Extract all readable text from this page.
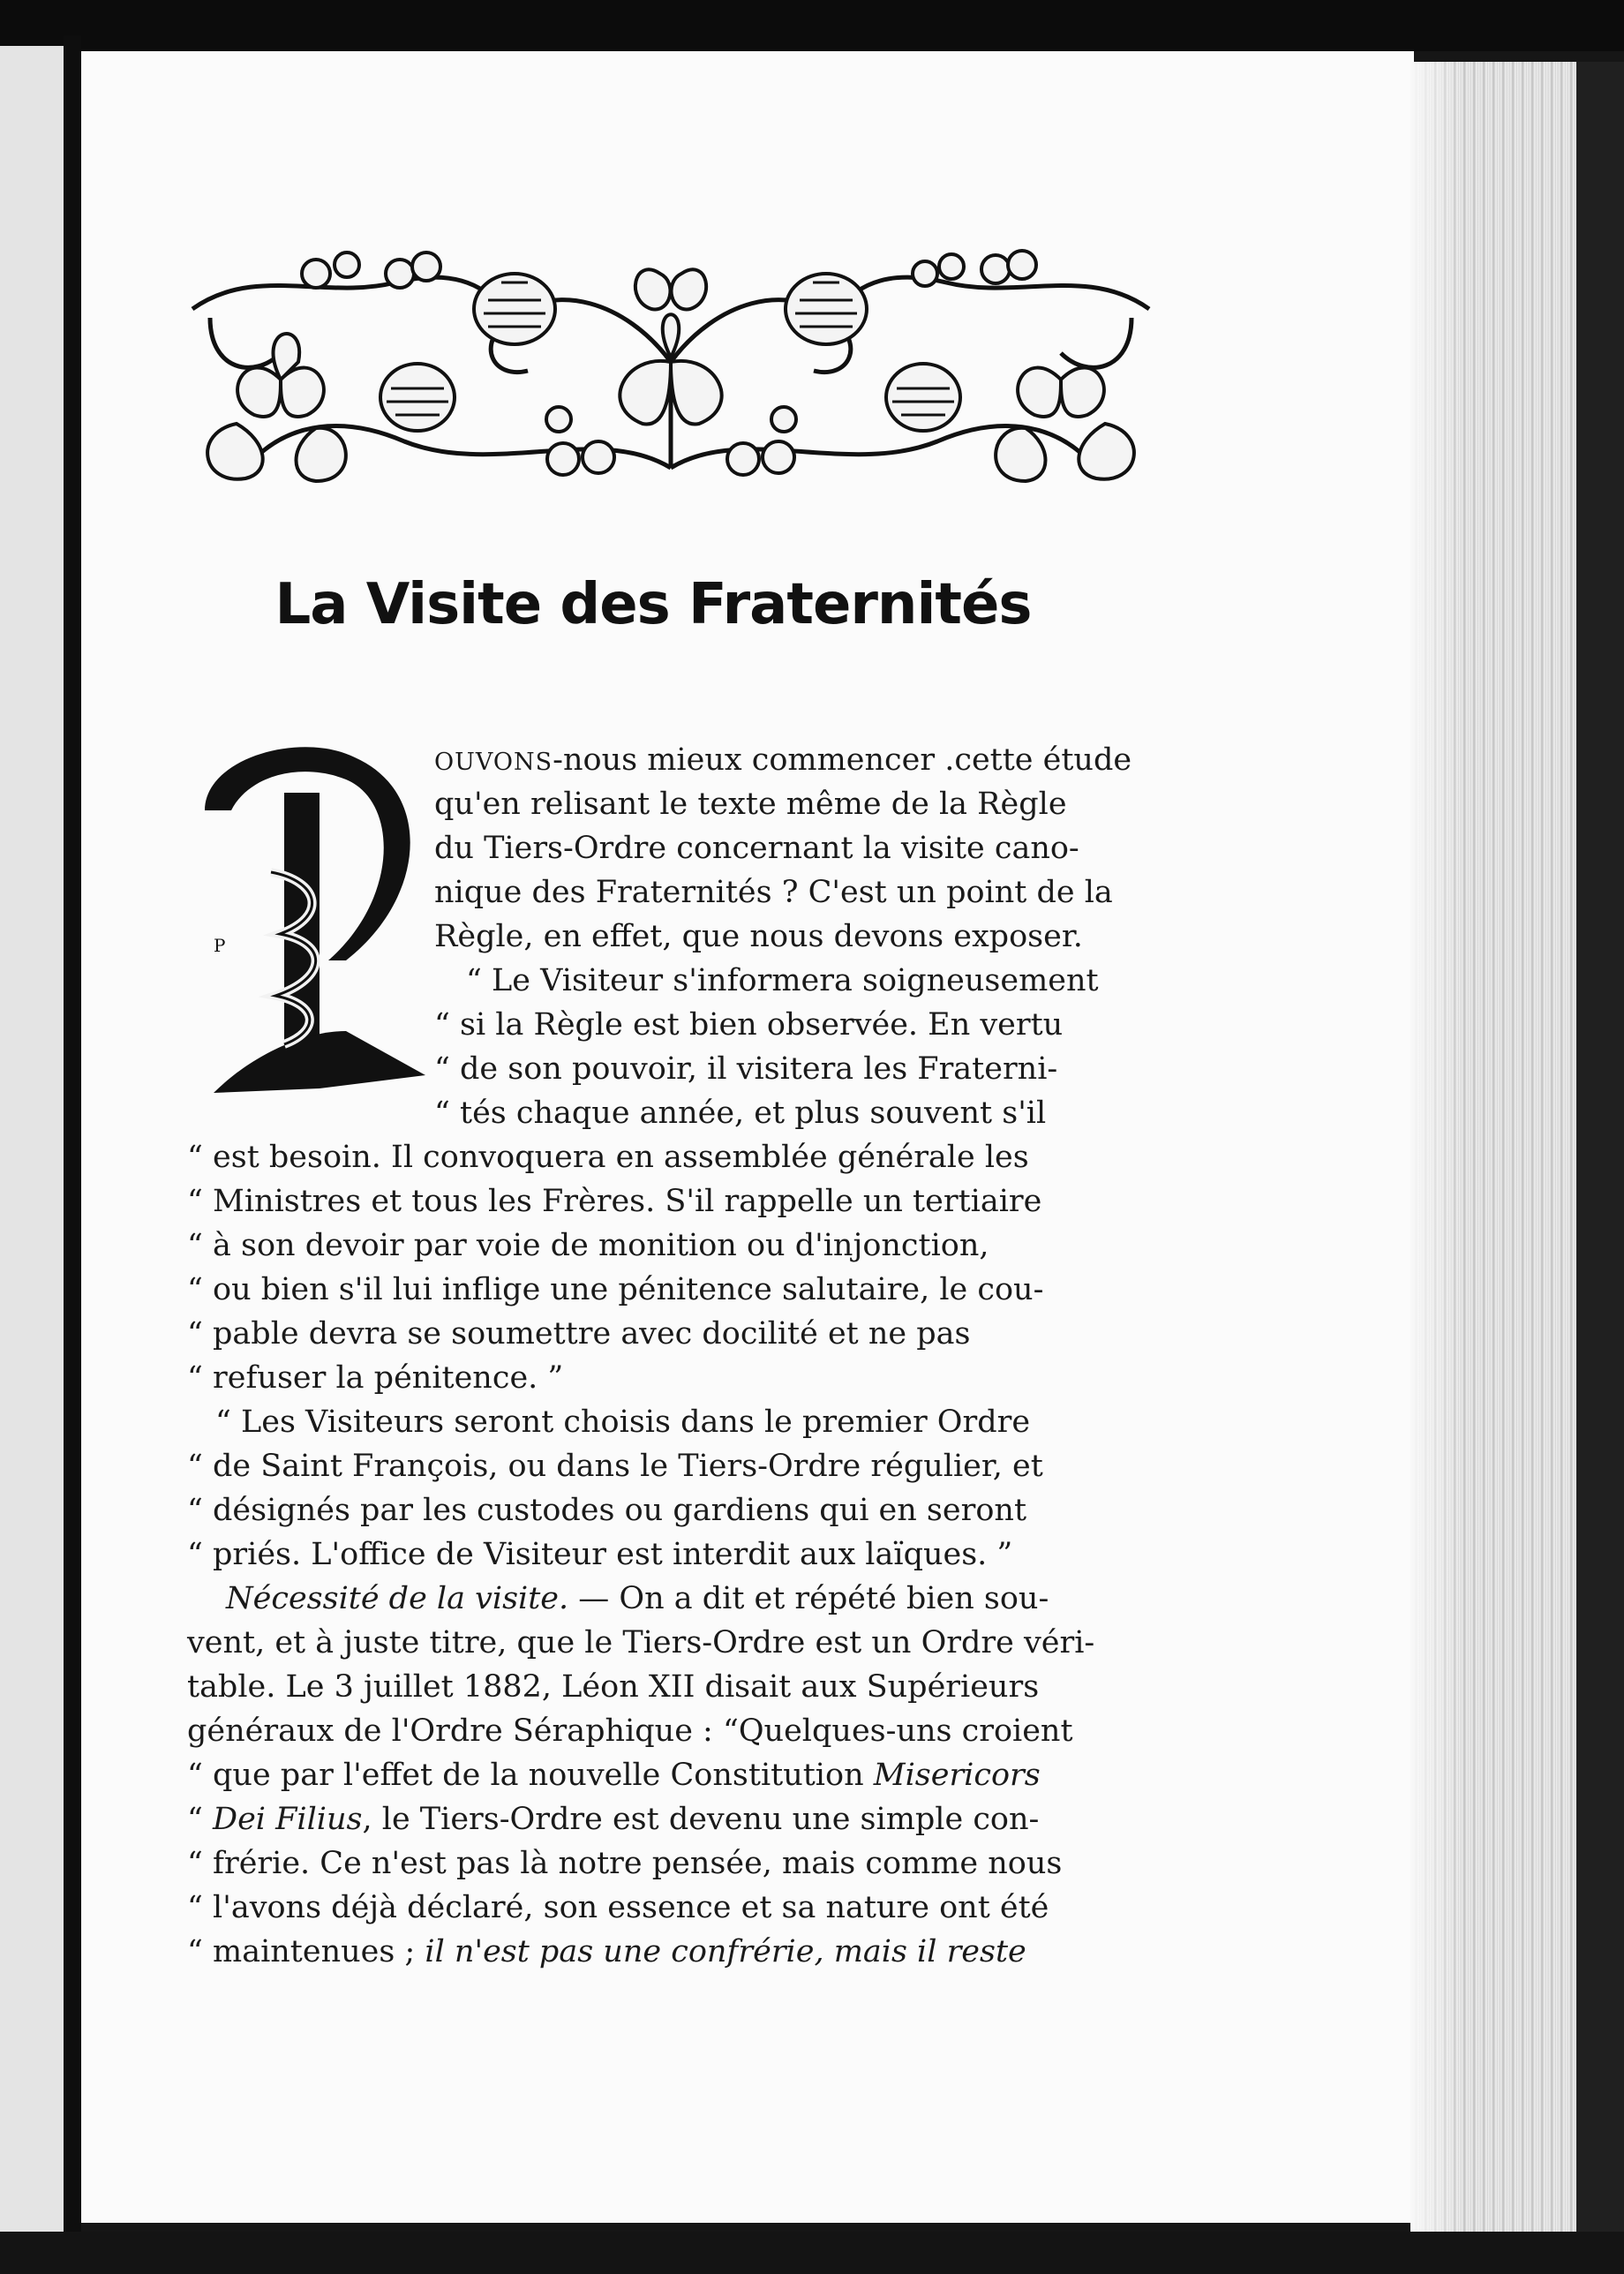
La Visite des Fraternités
P
OUVONS-nous mieux commencer .cette étude
qu'en relisant le texte même de la Règle
du Tiers-Ordre concernant la visite cano-
nique des Fraternités ? C'est un point de la
Règle, en effet, que nous devons exposer.
“ Le Visiteur s'informera soigneusement
“ si la Règle est bien observée. En vertu
“ de son pouvoir, il visitera les Fraterni-
“ tés chaque année, et plus souvent s'il
“ est besoin. Il convoquera en assemblée générale les
“ Ministres et tous les Frères. S'il rappelle un tertiaire
“ à son devoir par voie de monition ou d'injonction,
“ ou bien s'il lui inflige une pénitence salutaire, le cou-
“ pable devra se soumettre avec docilité et ne pas
“ refuser la pénitence. ”
“ Les Visiteurs seront choisis dans le premier Ordre
“ de Saint François, ou dans le Tiers-Ordre régulier, et
“ désignés par les custodes ou gardiens qui en seront
“ priés. L'office de Visiteur est interdit aux laïques. ”
Nécessité de la visite. — On a dit et répété bien sou-
vent, et à juste titre, que le Tiers-Ordre est un Ordre véri-
table. Le 3 juillet 1882, Léon XII disait aux Supérieurs
généraux de l'Ordre Séraphique : “Quelques-uns croient
“ que par l'effet de la nouvelle Constitution Misericors
“ Dei Filius, le Tiers-Ordre est devenu une simple con-
“ frérie. Ce n'est pas là notre pensée, mais comme nous
“ l'avons déjà déclaré, son essence et sa nature ont été
“ maintenues ; il n'est pas une confrérie, mais il reste
